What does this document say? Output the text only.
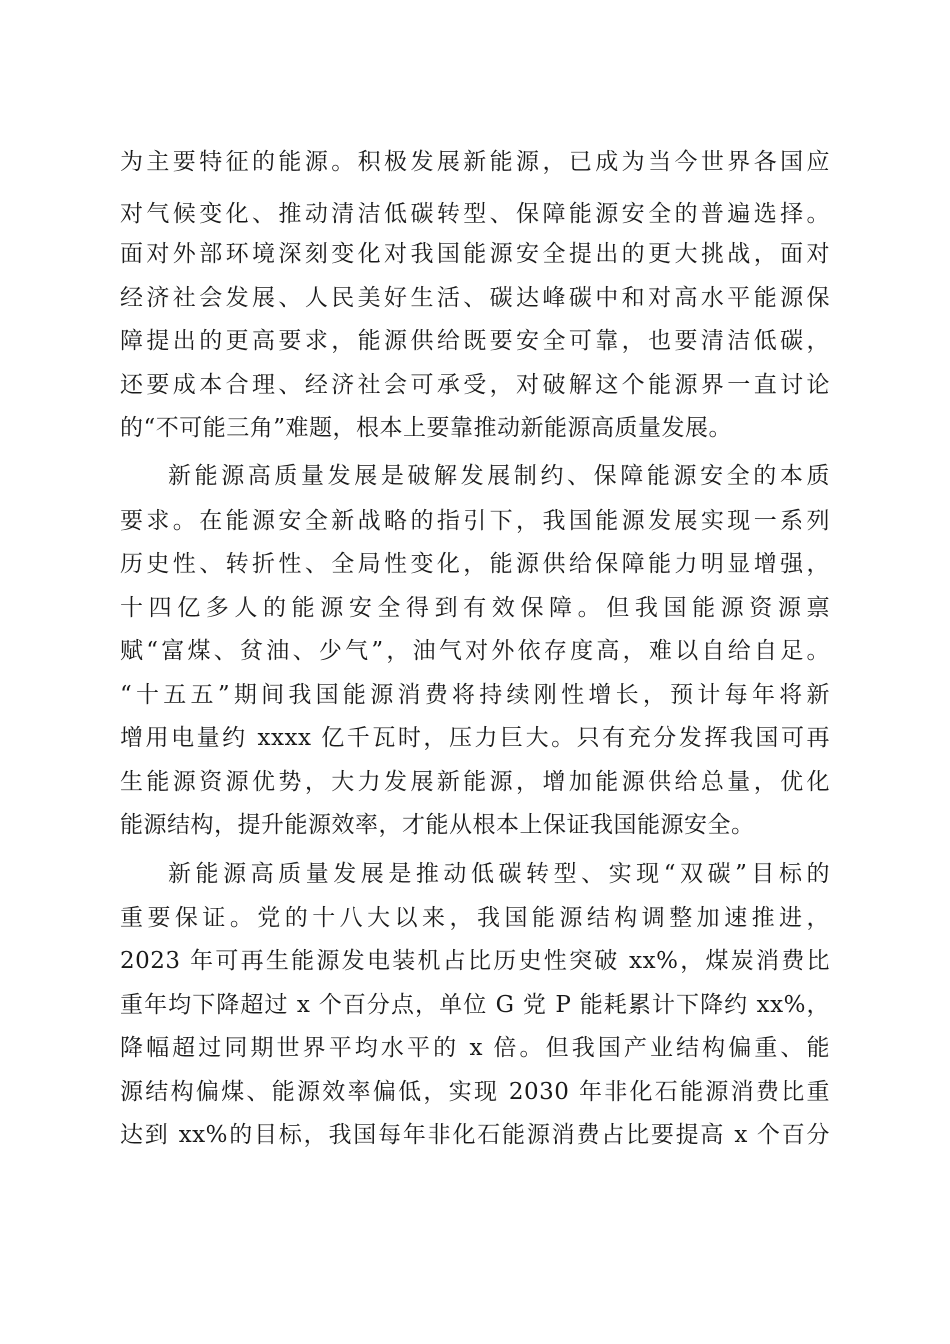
为主要特征的能源。积极发展新能源，已成为当今世界各国应
对气候变化、推动清洁低碳转型、保障能源安全的普遍选择。
面对外部环境深刻变化对我国能源安全提出的更大挑战，面对
经济社会发展、人民美好生活、碳达峰碳中和对高水平能源保
障提出的更高要求，能源供给既要安全可靠，也要清洁低碳，
还要成本合理、经济社会可承受，对破解这个能源界一直讨论
的“不可能三角”难题，根本上要靠推动新能源高质量发展。
新能源高质量发展是破解发展制约、保障能源安全的本质
要求。在能源安全新战略的指引下，我国能源发展实现一系列
历史性、转折性、全局性变化，能源供给保障能力明显增强，
十四亿多人的能源安全得到有效保障。但我国能源资源禀
赋“富煤、贫油、少气”，油气对外依存度高，难以自给自足。
“十五五”期间我国能源消费将持续刚性增长，预计每年将新
增用电量约 xxxx 亿千瓦时，压力巨大。只有充分发挥我国可再
生能源资源优势，大力发展新能源，增加能源供给总量，优化
能源结构，提升能源效率，才能从根本上保证我国能源安全。
新能源高质量发展是推动低碳转型、实现“双碳”目标的
重要保证。党的十八大以来，我国能源结构调整加速推进，
2023 年可再生能源发电装机占比历史性突破 xx%，煤炭消费比
重年均下降超过 x 个百分点，单位 G 党 P 能耗累计下降约 xx%，
降幅超过同期世界平均水平的 x 倍。但我国产业结构偏重、能
源结构偏煤、能源效率偏低，实现 2030 年非化石能源消费比重
达到 xx%的目标，我国每年非化石能源消费占比要提高 x 个百分
